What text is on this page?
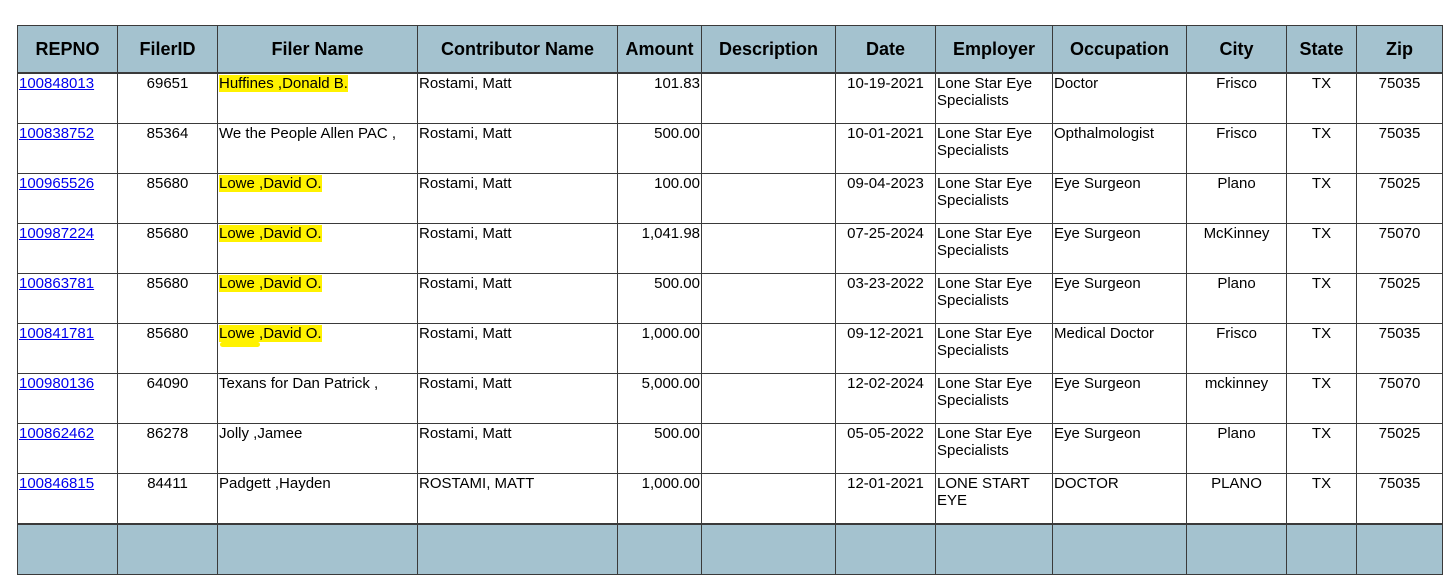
REPNO	FilerID	Filer Name	Contributor Name	Amount	Description	Date	Employer	Occupation	City	State	Zip
100848013	69651	Huffines ,Donald B.	Rostami, Matt	101.83		10-19-2021	Lone Star Eye Specialists	Doctor	Frisco	TX	75035
100838752	85364	We the People Allen PAC ,	Rostami, Matt	500.00		10-01-2021	Lone Star Eye Specialists	Opthalmologist	Frisco	TX	75035
100965526	85680	Lowe ,David O.	Rostami, Matt	100.00		09-04-2023	Lone Star Eye Specialists	Eye Surgeon	Plano	TX	75025
100987224	85680	Lowe ,David O.	Rostami, Matt	1,041.98		07-25-2024	Lone Star Eye Specialists	Eye Surgeon	McKinney	TX	75070
100863781	85680	Lowe ,David O.	Rostami, Matt	500.00		03-23-2022	Lone Star Eye Specialists	Eye Surgeon	Plano	TX	75025
100841781	85680	Lowe ,David O.	Rostami, Matt	1,000.00		09-12-2021	Lone Star Eye Specialists	Medical Doctor	Frisco	TX	75035
100980136	64090	Texans for Dan Patrick ,	Rostami, Matt	5,000.00		12-02-2024	Lone Star Eye Specialists	Eye Surgeon	mckinney	TX	75070
100862462	86278	Jolly ,Jamee	Rostami, Matt	500.00		05-05-2022	Lone Star Eye Specialists	Eye Surgeon	Plano	TX	75025
100846815	84411	Padgett ,Hayden	ROSTAMI, MATT	1,000.00		12-01-2021	LONE START EYE	DOCTOR	PLANO	TX	75035
